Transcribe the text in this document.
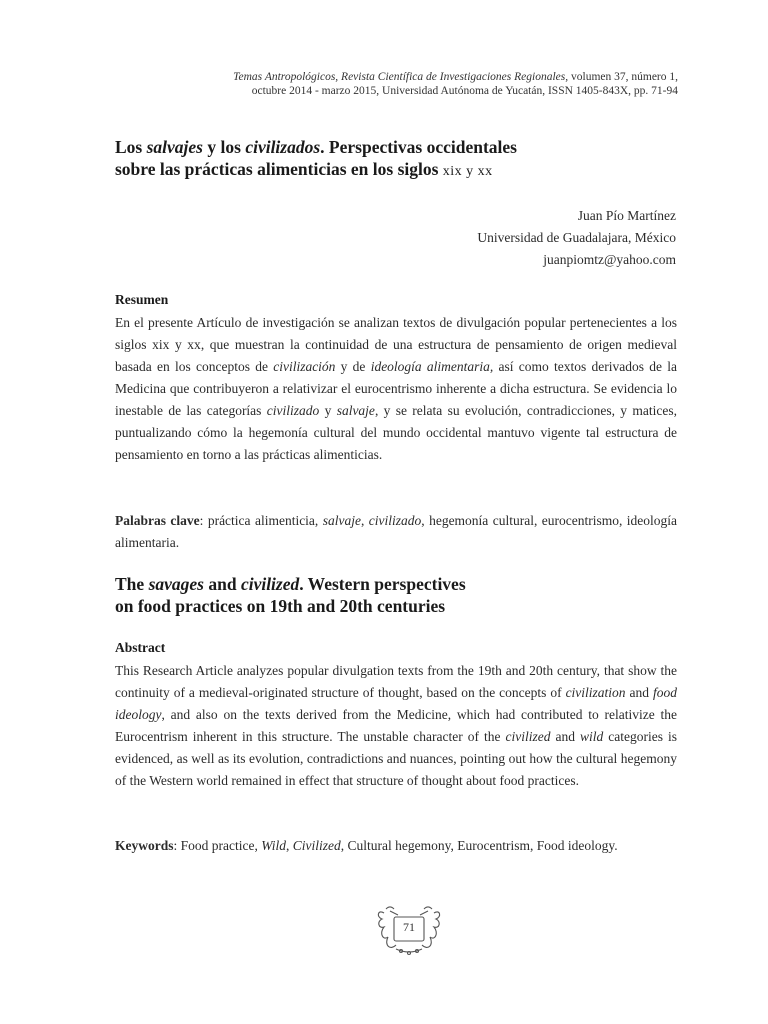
Temas Antropológicos, Revista Científica de Investigaciones Regionales, volumen 37, número 1,
octubre 2014 - marzo 2015, Universidad Autónoma de Yucatán, ISSN 1405-843X, pp. 71-94
Los salvajes y los civilizados. Perspectivas occidentales
sobre las prácticas alimenticias en los siglos xix y xx
Juan Pío Martínez
Universidad de Guadalajara, México
juanpiomtz@yahoo.com
Resumen
En el presente Artículo de investigación se analizan textos de divulgación popular pertenecientes a los siglos xix y xx, que muestran la continuidad de una estructura de pensamiento de origen medieval basada en los conceptos de civilización y de ideología alimentaria, así como textos derivados de la Medicina que contribuyeron a relativizar el eurocentrismo inherente a dicha estructura. Se evidencia lo inestable de las categorías civilizado y salvaje, y se relata su evolución, contradicciones, y matices, puntualizando cómo la hegemonía cultural del mundo occidental mantuvo vigente tal estructura de pensamiento en torno a las prácticas alimenticias.
Palabras clave: práctica alimenticia, salvaje, civilizado, hegemonía cultural, eurocentrismo, ideología alimentaria.
The savages and civilized. Western perspectives
on food practices on 19th and 20th centuries
Abstract
This Research Article analyzes popular divulgation texts from the 19th and 20th century, that show the continuity of a medieval-originated structure of thought, based on the concepts of civilization and food ideology, and also on the texts derived from the Medicine, which had contributed to relativize the Eurocentrism inherent in this structure. The unstable character of the civilized and wild categories is evidenced, as well as its evolution, contradictions and nuances, pointing out how the cultural hegemony of the Western world remained in effect that structure of thought about food practices.
Keywords: Food practice, Wild, Civilized, Cultural hegemony, Eurocentrism, Food ideology.
71
